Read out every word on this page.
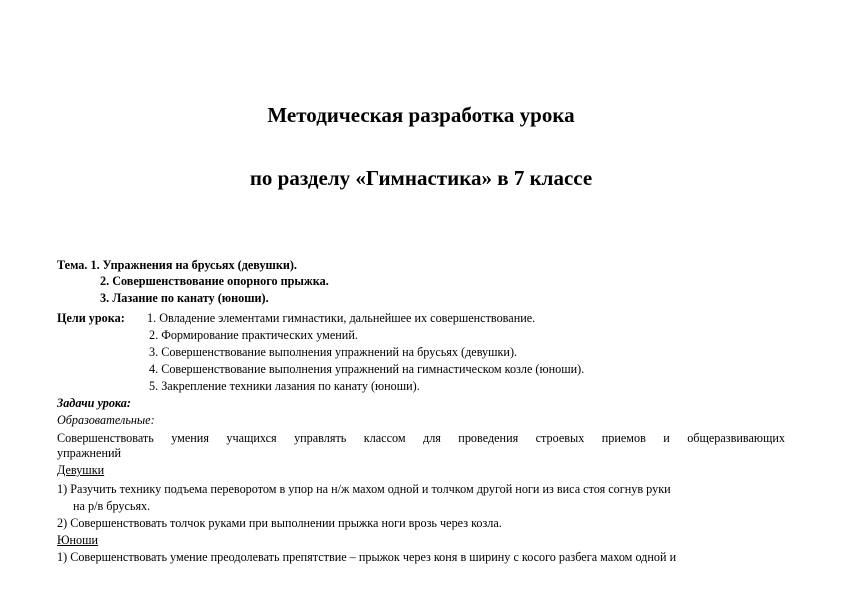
Методическая разработка урока
по разделу «Гимнастика» в 7 классе
Тема. 1. Упражнения на брусьях (девушки).
2. Совершенствование опорного прыжка.
3. Лазание по канату (юноши).
Цели урока: 1. Овладение элементами гимнастики, дальнейшее их совершенствование.
2. Формирование практических умений.
3. Совершенствование выполнения упражнений на брусьях (девушки).
4. Совершенствование выполнения упражнений на гимнастическом козле (юноши).
5. Закрепление техники лазания по канату (юноши).
Задачи урока:
Образовательные:
Совершенствовать умения учащихся управлять классом для проведения строевых приемов и общеразвивающих
упражнений
Девушки
1) Разучить технику подъема переворотом в упор на н/ж махом одной и толчком другой ноги из виса стоя согнув руки
на р/в брусьях.
2) Совершенствовать толчок руками при выполнении прыжка ноги врозь через козла.
Юноши
1) Совершенствовать умение преодолевать препятствие – прыжок через коня в ширину с косого разбега махом одной и
